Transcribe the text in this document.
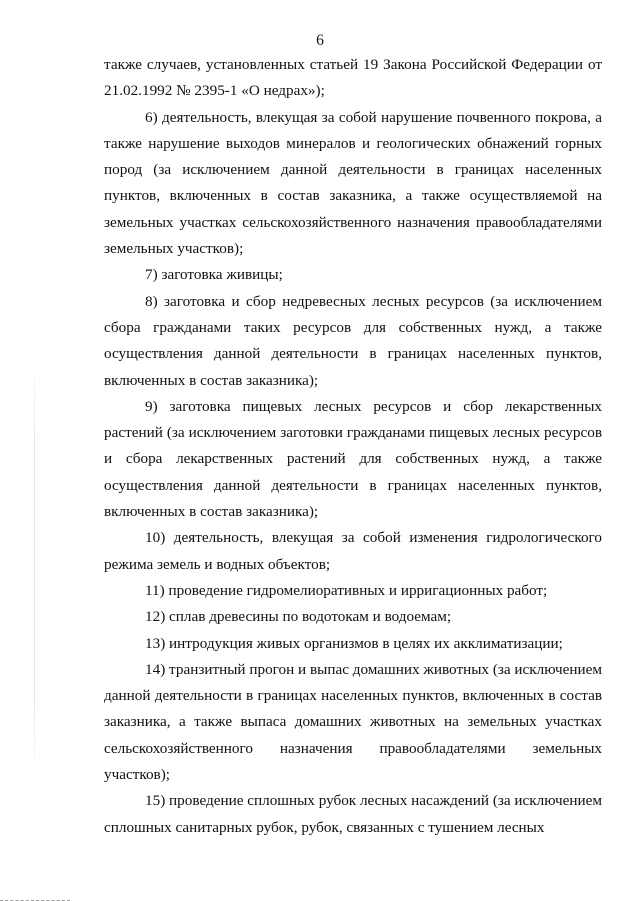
6

также случаев, установленных статьей 19 Закона Российской Федерации от 21.02.1992 № 2395-1 «О недрах»);

6) деятельность, влекущая за собой нарушение почвенного покрова, а также нарушение выходов минералов и геологических обнажений горных пород (за исключением данной деятельности в границах населенных пунктов, включенных в состав заказника, а также осуществляемой на земельных участках сельскохозяйственного назначения правообладателями земельных участков);

7) заготовка живицы;

8) заготовка и сбор недревесных лесных ресурсов (за исключением сбора гражданами таких ресурсов для собственных нужд, а также осуществления данной деятельности в границах населенных пунктов, включенных в состав заказника);

9) заготовка пищевых лесных ресурсов и сбор лекарственных растений (за исключением заготовки гражданами пищевых лесных ресурсов и сбора лекарственных растений для собственных нужд, а также осуществления данной деятельности в границах населенных пунктов, включенных в состав заказника);

10) деятельность, влекущая за собой изменения гидрологического режима земель и водных объектов;

11) проведение гидромелиоративных и ирригационных работ;

12) сплав древесины по водотокам и водоемам;

13) интродукция живых организмов в целях их акклиматизации;

14) транзитный прогон и выпас домашних животных (за исключением данной деятельности в границах населенных пунктов, включенных в состав заказника, а также выпаса домашних животных на земельных участках сельскохозяйственного назначения правообладателями земельных участков);

15) проведение сплошных рубок лесных насаждений (за исключением сплошных санитарных рубок, рубок, связанных с тушением лесных
